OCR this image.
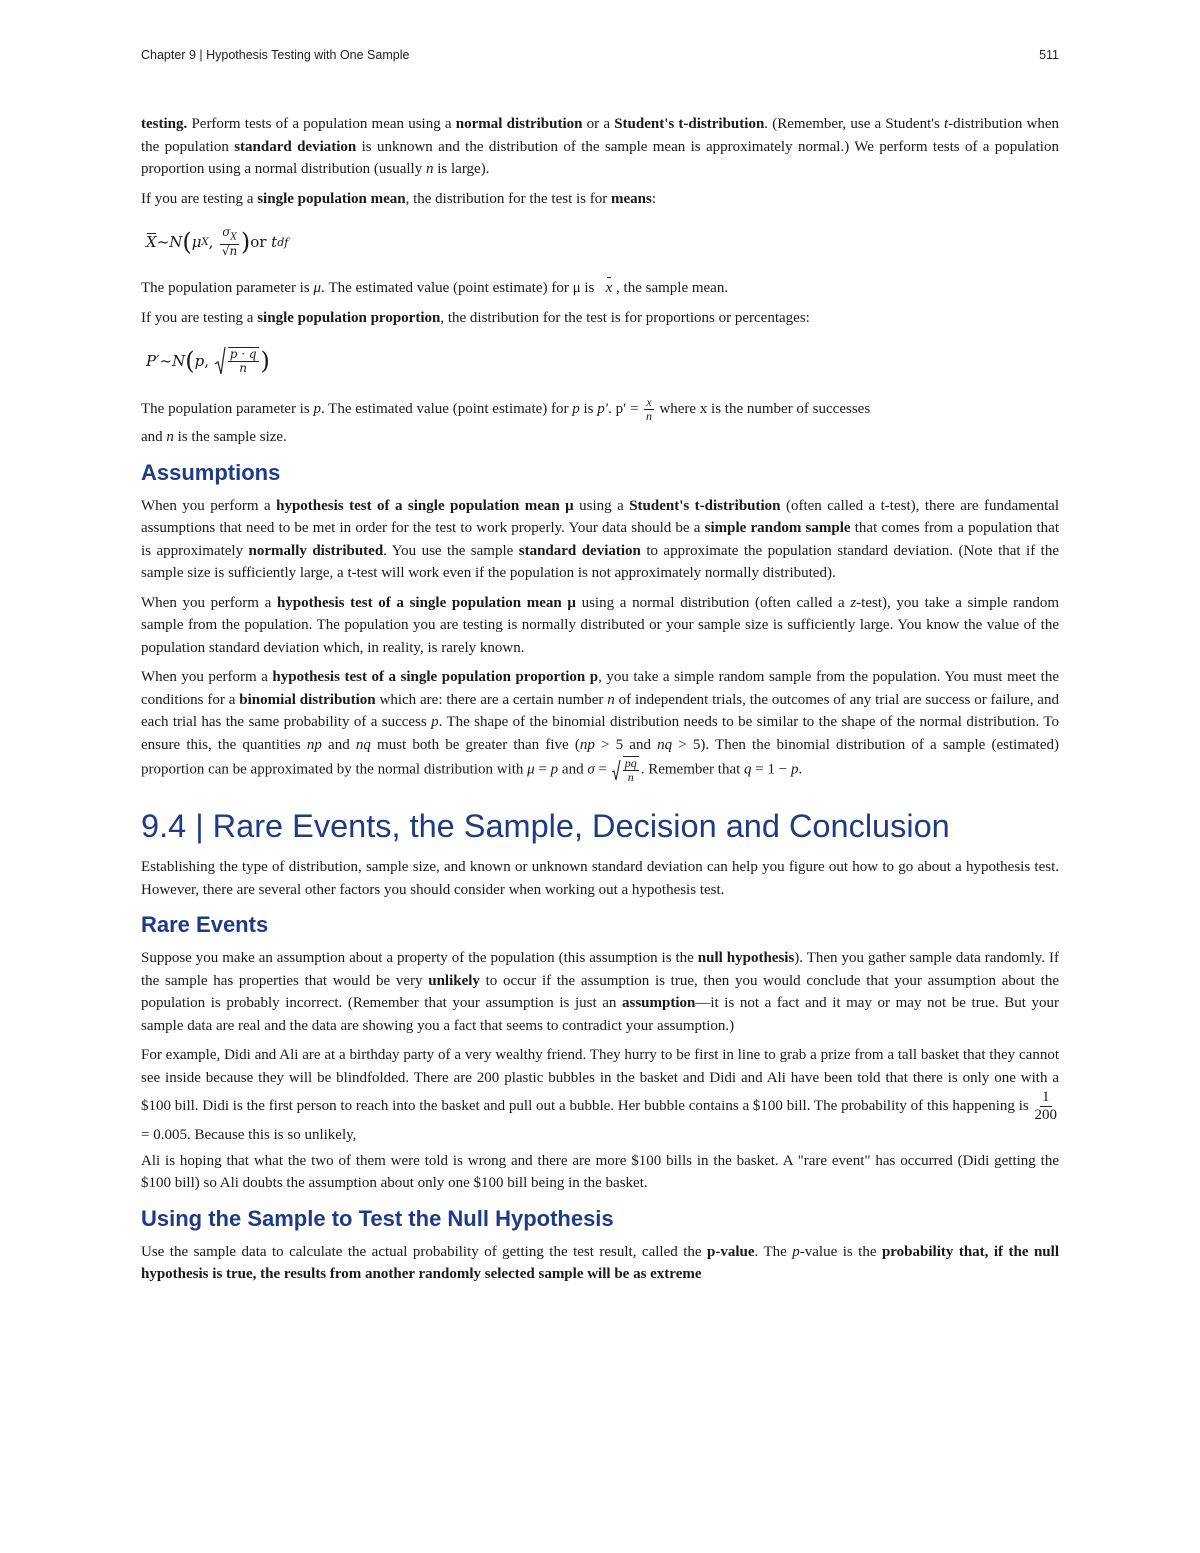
Chapter 9 | Hypothesis Testing with One Sample	511

testing. Perform tests of a population mean using a normal distribution or a Student's t-distribution. (Remember, use a Student's t-distribution when the population standard deviation is unknown and the distribution of the sample mean is approximately normal.) We perform tests of a population proportion using a normal distribution (usually n is large).

If you are testing a single population mean, the distribution for the test is for means:

X ~ N ( μ X , $\frac{\sigma_X}{√n}$ ) or
t df

The population parameter is μ. The estimated value (point estimate) for μ is   x , the sample mean.

If you are testing a single population proportion, the distribution for the test is for proportions or percentages:

P′ ~ N ( p , $\frac{p \cdot q}{n}$ )

The population parameter is p. The estimated value (point estimate) for p is p′. $p' = \frac{x}{n}$ where x is the number of successes

and n is the sample size.

Assumptions

When you perform a hypothesis test of a single population mean μ using a Student's t-distribution (often called a t-test), there are fundamental assumptions that need to be met in order for the test to work properly. Your data should be a simple random sample that comes from a population that is approximately normally distributed. You use the sample standard deviation to approximate the population standard deviation. (Note that if the sample size is sufficiently large, a t-test will work even if the population is not approximately normally distributed).

When you perform a hypothesis test of a single population mean μ using a normal distribution (often called a z-test), you take a simple random sample from the population. The population you are testing is normally distributed or your sample size is sufficiently large. You know the value of the population standard deviation which, in reality, is rarely known.

When you perform a hypothesis test of a single population proportion p, you take a simple random sample from the population. You must meet the conditions for a binomial distribution which are: there are a certain number n of independent trials, the outcomes of any trial are success or failure, and each trial has the same probability of a success p. The shape of the binomial distribution needs to be similar to the shape of the normal distribution. To ensure this, the quantities np and nq must both be greater than five (np > 5 and nq > 5). Then the binomial distribution of a sample (estimated) proportion can be approximated by the normal distribution with μ = p and $\sigma = \frac{pq}{n}$ . Remember that q = 1 − p.

9.4 | Rare Events, the Sample, Decision and Conclusion

Establishing the type of distribution, sample size, and known or unknown standard deviation can help you figure out how to go about a hypothesis test. However, there are several other factors you should consider when working out a hypothesis test.

Rare Events

Suppose you make an assumption about a property of the population (this assumption is the null hypothesis). Then you gather sample data randomly. If the sample has properties that would be very unlikely to occur if the assumption is true, then you would conclude that your assumption about the population is probably incorrect. (Remember that your assumption is just an assumption—it is not a fact and it may or may not be true. But your sample data are real and the data are showing you a fact that seems to contradict your assumption.)

For example, Didi and Ali are at a birthday party of a very wealthy friend. They hurry to be first in line to grab a prize from a tall basket that they cannot see inside because they will be blindfolded. There are 200 plastic bubbles in the basket and Didi and Ali have been told that there is only one with a $100 bill. Didi is the first person to reach into the basket and pull out a bubble. Her bubble contains a $100 bill. The probability of this happening is $\frac{1}{200}$
= 0.005. Because this is so unlikely,

Ali is hoping that what the two of them were told is wrong and there are more $100 bills in the basket. A "rare event" has occurred (Didi getting the $100 bill) so Ali doubts the assumption about only one $100 bill being in the basket.

Using the Sample to Test the Null Hypothesis

Use the sample data to calculate the actual probability of getting the test result, called the p-value. The p-value is the probability that, if the null hypothesis is true, the results from another randomly selected sample will be as extreme
